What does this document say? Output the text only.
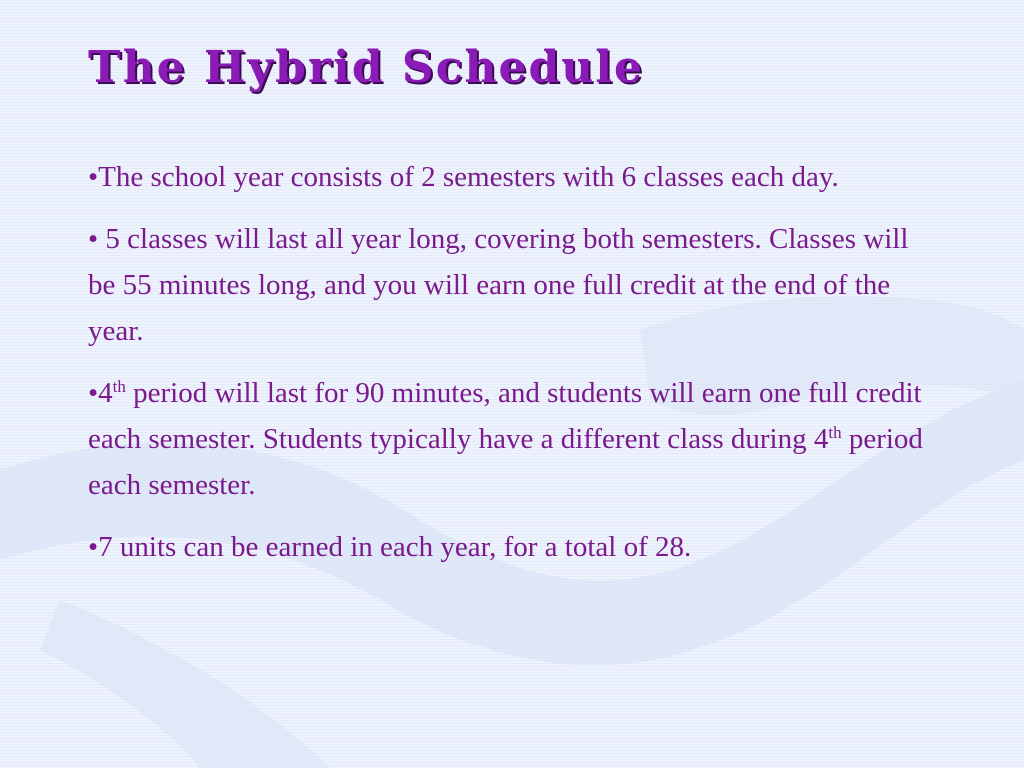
The Hybrid Schedule

•The school year consists of 2 semesters with 6 classes each day.

• 5 classes will last all year long, covering both semesters. Classes will be 55 minutes long, and you will earn one full credit at the end of the year.

•4th period will last for 90 minutes, and students will earn one full credit each semester. Students typically have a different class during 4th period each semester.

•7 units can be earned in each year, for a total of 28.
